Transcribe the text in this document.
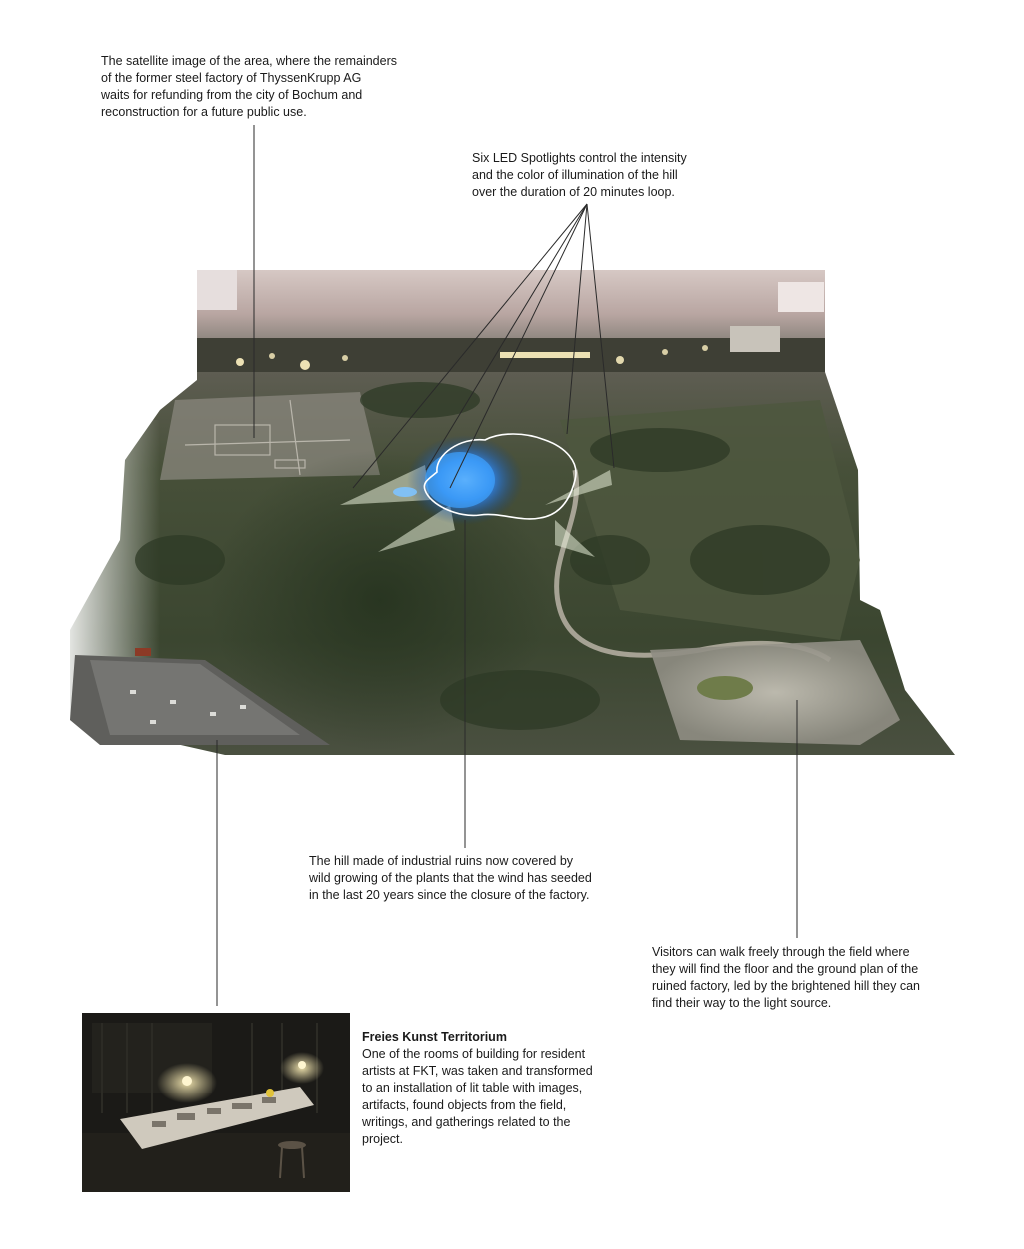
The satellite image of the area, where the remainders
of the former steel factory of ThyssenKrupp AG
waits for refunding from the city of Bochum and
reconstruction for a future public use.

Six LED Spotlights control the intensity
and the color of illumination of the hill
over the duration of 20 minutes loop.

The hill made of industrial ruins now covered by
wild growing of the plants that the wind has seeded
in the last 20 years since the closure of the factory.

Visitors can walk freely through the field where
they will find the floor and the ground plan of the
ruined factory, led by the brightened hill they can
find their way to the light source.

Freies Kunst Territorium
One of the rooms of building for resident
artists at FKT, was taken and transformed
to an installation of lit table with images,
artifacts, found objects from the field,
writings, and gatherings related to the
project.
